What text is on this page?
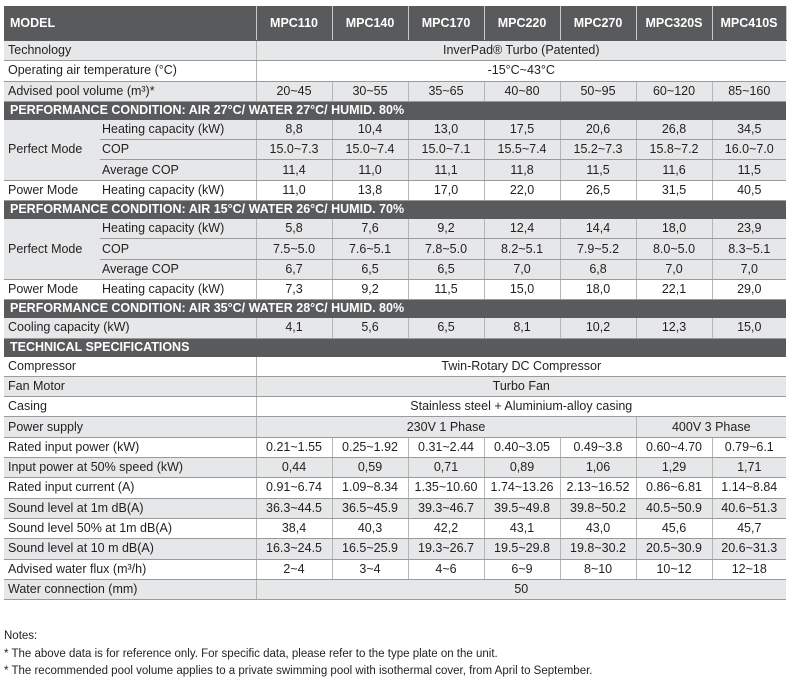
MODEL		MPC110	MPC140	MPC170	MPC220	MPC270	MPC320S	MPC410S
Technology		InverPad® Turbo (Patented)						
Operating air temperature (°C)		-15°C~43°C						
Advised pool volume (m³)*		20~45	30~55	35~65	40~80	50~95	60~120	85~160
PERFORMANCE CONDITION: AIR 27°C/ WATER 27°C/ HUMID. 80%								
Perfect Mode	Heating capacity (kW)	8,8	10,4	13,0	17,5	20,6	26,8	34,5
	COP	15.0~7.3	15.0~7.4	15.0~7.1	15.5~7.4	15.2~7.3	15.8~7.2	16.0~7.0
	Average COP	11,4	11,0	11,1	11,8	11,5	11,6	11,5
Power Mode	Heating capacity (kW)	11,0	13,8	17,0	22,0	26,5	31,5	40,5
PERFORMANCE CONDITION: AIR 15°C/ WATER 26°C/ HUMID. 70%								
Perfect Mode	Heating capacity (kW)	5,8	7,6	9,2	12,4	14,4	18,0	23,9
	COP	7.5~5.0	7.6~5.1	7.8~5.0	8.2~5.1	7.9~5.2	8.0~5.0	8.3~5.1
	Average COP	6,7	6,5	6,5	7,0	6,8	7,0	7,0
Power Mode	Heating capacity (kW)	7,3	9,2	11,5	15,0	18,0	22,1	29,0
PERFORMANCE CONDITION: AIR 35°C/ WATER 28°C/ HUMID. 80%								
Cooling capacity (kW)		4,1	5,6	6,5	8,1	10,2	12,3	15,0
TECHNICAL SPECIFICATIONS								
Compressor		Twin-Rotary DC Compressor						
Fan Motor		Turbo Fan						
Casing		Stainless steel + Aluminium-alloy casing						
Power supply		230V 1 Phase					400V 3 Phase	
Rated input power (kW)		0.21~1.55	0.25~1.92	0.31~2.44	0.40~3.05	0.49~3.8	0.60~4.70	0.79~6.1
Input power at 50% speed (kW)		0,44	0,59	0,71	0,89	1,06	1,29	1,71
Rated input current (A)		0.91~6.74	1.09~8.34	1.35~10.60	1.74~13.26	2.13~16.52	0.86~6.81	1.14~8.84
Sound level at 1m dB(A)		36.3~44.5	36.5~45.9	39.3~46.7	39.5~49.8	39.8~50.2	40.5~50.9	40.6~51.3
Sound level 50% at 1m dB(A)		38,4	40,3	42,2	43,1	43,0	45,6	45,7
Sound level at 10 m dB(A)		16.3~24.5	16.5~25.9	19.3~26.7	19.5~29.8	19.8~30.2	20.5~30.9	20.6~31.3
Advised water flux (m³/h)		2~4	3~4	4~6	6~9	8~10	10~12	12~18
Water connection (mm)		50						
Notes:
* The above data is for reference only. For specific data, please refer to the type plate on the unit.
* The recommended pool volume applies to a private swimming pool with isothermal cover, from April to September.
